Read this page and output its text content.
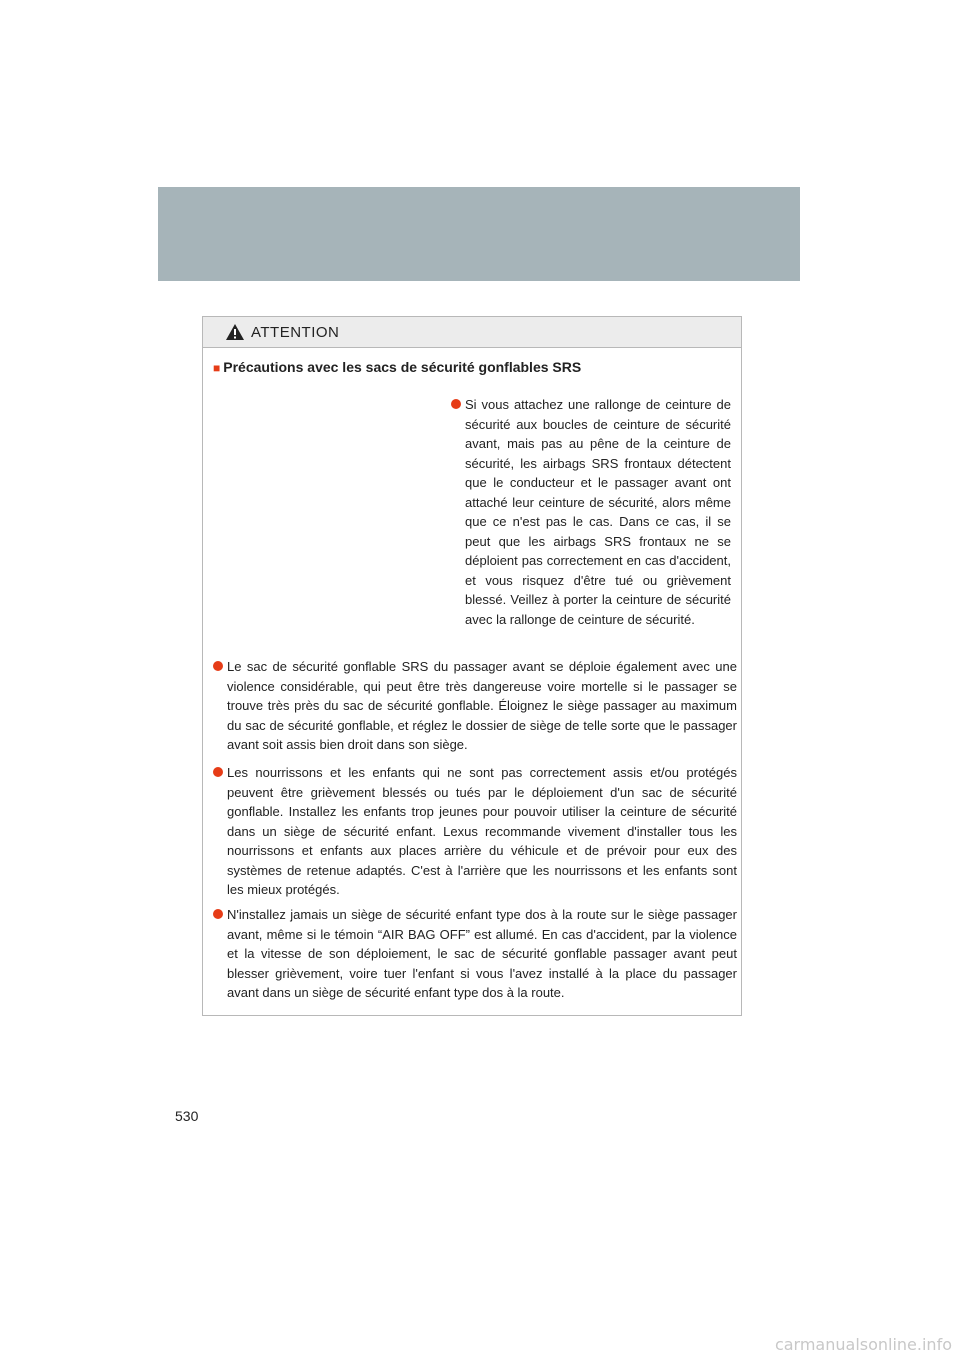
ATTENTION
■ Précautions avec les sacs de sécurité gonflables SRS
Si vous attachez une rallonge de ceinture de sécurité aux boucles de ceinture de sécurité avant, mais pas au pêne de la ceinture de sécurité, les airbags SRS frontaux détectent que le conducteur et le passager avant ont attaché leur ceinture de sécurité, alors même que ce n'est pas le cas. Dans ce cas, il se peut que les airbags SRS frontaux ne se déploient pas correctement en cas d'accident, et vous risquez d'être tué ou grièvement blessé. Veillez à porter la ceinture de sécurité avec la rallonge de ceinture de sécurité.
Le sac de sécurité gonflable SRS du passager avant se déploie également avec une violence considérable, qui peut être très dangereuse voire mortelle si le passager se trouve très près du sac de sécurité gonflable. Éloignez le siège passager au maximum du sac de sécurité gonflable, et réglez le dossier de siège de telle sorte que le passager avant soit assis bien droit dans son siège.
Les nourrissons et les enfants qui ne sont pas correctement assis et/ou protégés peuvent être grièvement blessés ou tués par le déploiement d'un sac de sécurité gonflable. Installez les enfants trop jeunes pour pouvoir utiliser la ceinture de sécurité dans un siège de sécurité enfant. Lexus recommande vivement d'installer tous les nourrissons et enfants aux places arrière du véhicule et de prévoir pour eux des systèmes de retenue adaptés. C'est à l'arrière que les nourrissons et les enfants sont les mieux protégés.
N'installez jamais un siège de sécurité enfant type dos à la route sur le siège passager avant, même si le témoin “AIR BAG OFF” est allumé. En cas d'accident, par la violence et la vitesse de son déploiement, le sac de sécurité gonflable passager avant peut blesser grièvement, voire tuer l'enfant si vous l'avez installé à la place du passager avant dans un siège de sécurité enfant type dos à la route.
530
carmanualsonline.info
